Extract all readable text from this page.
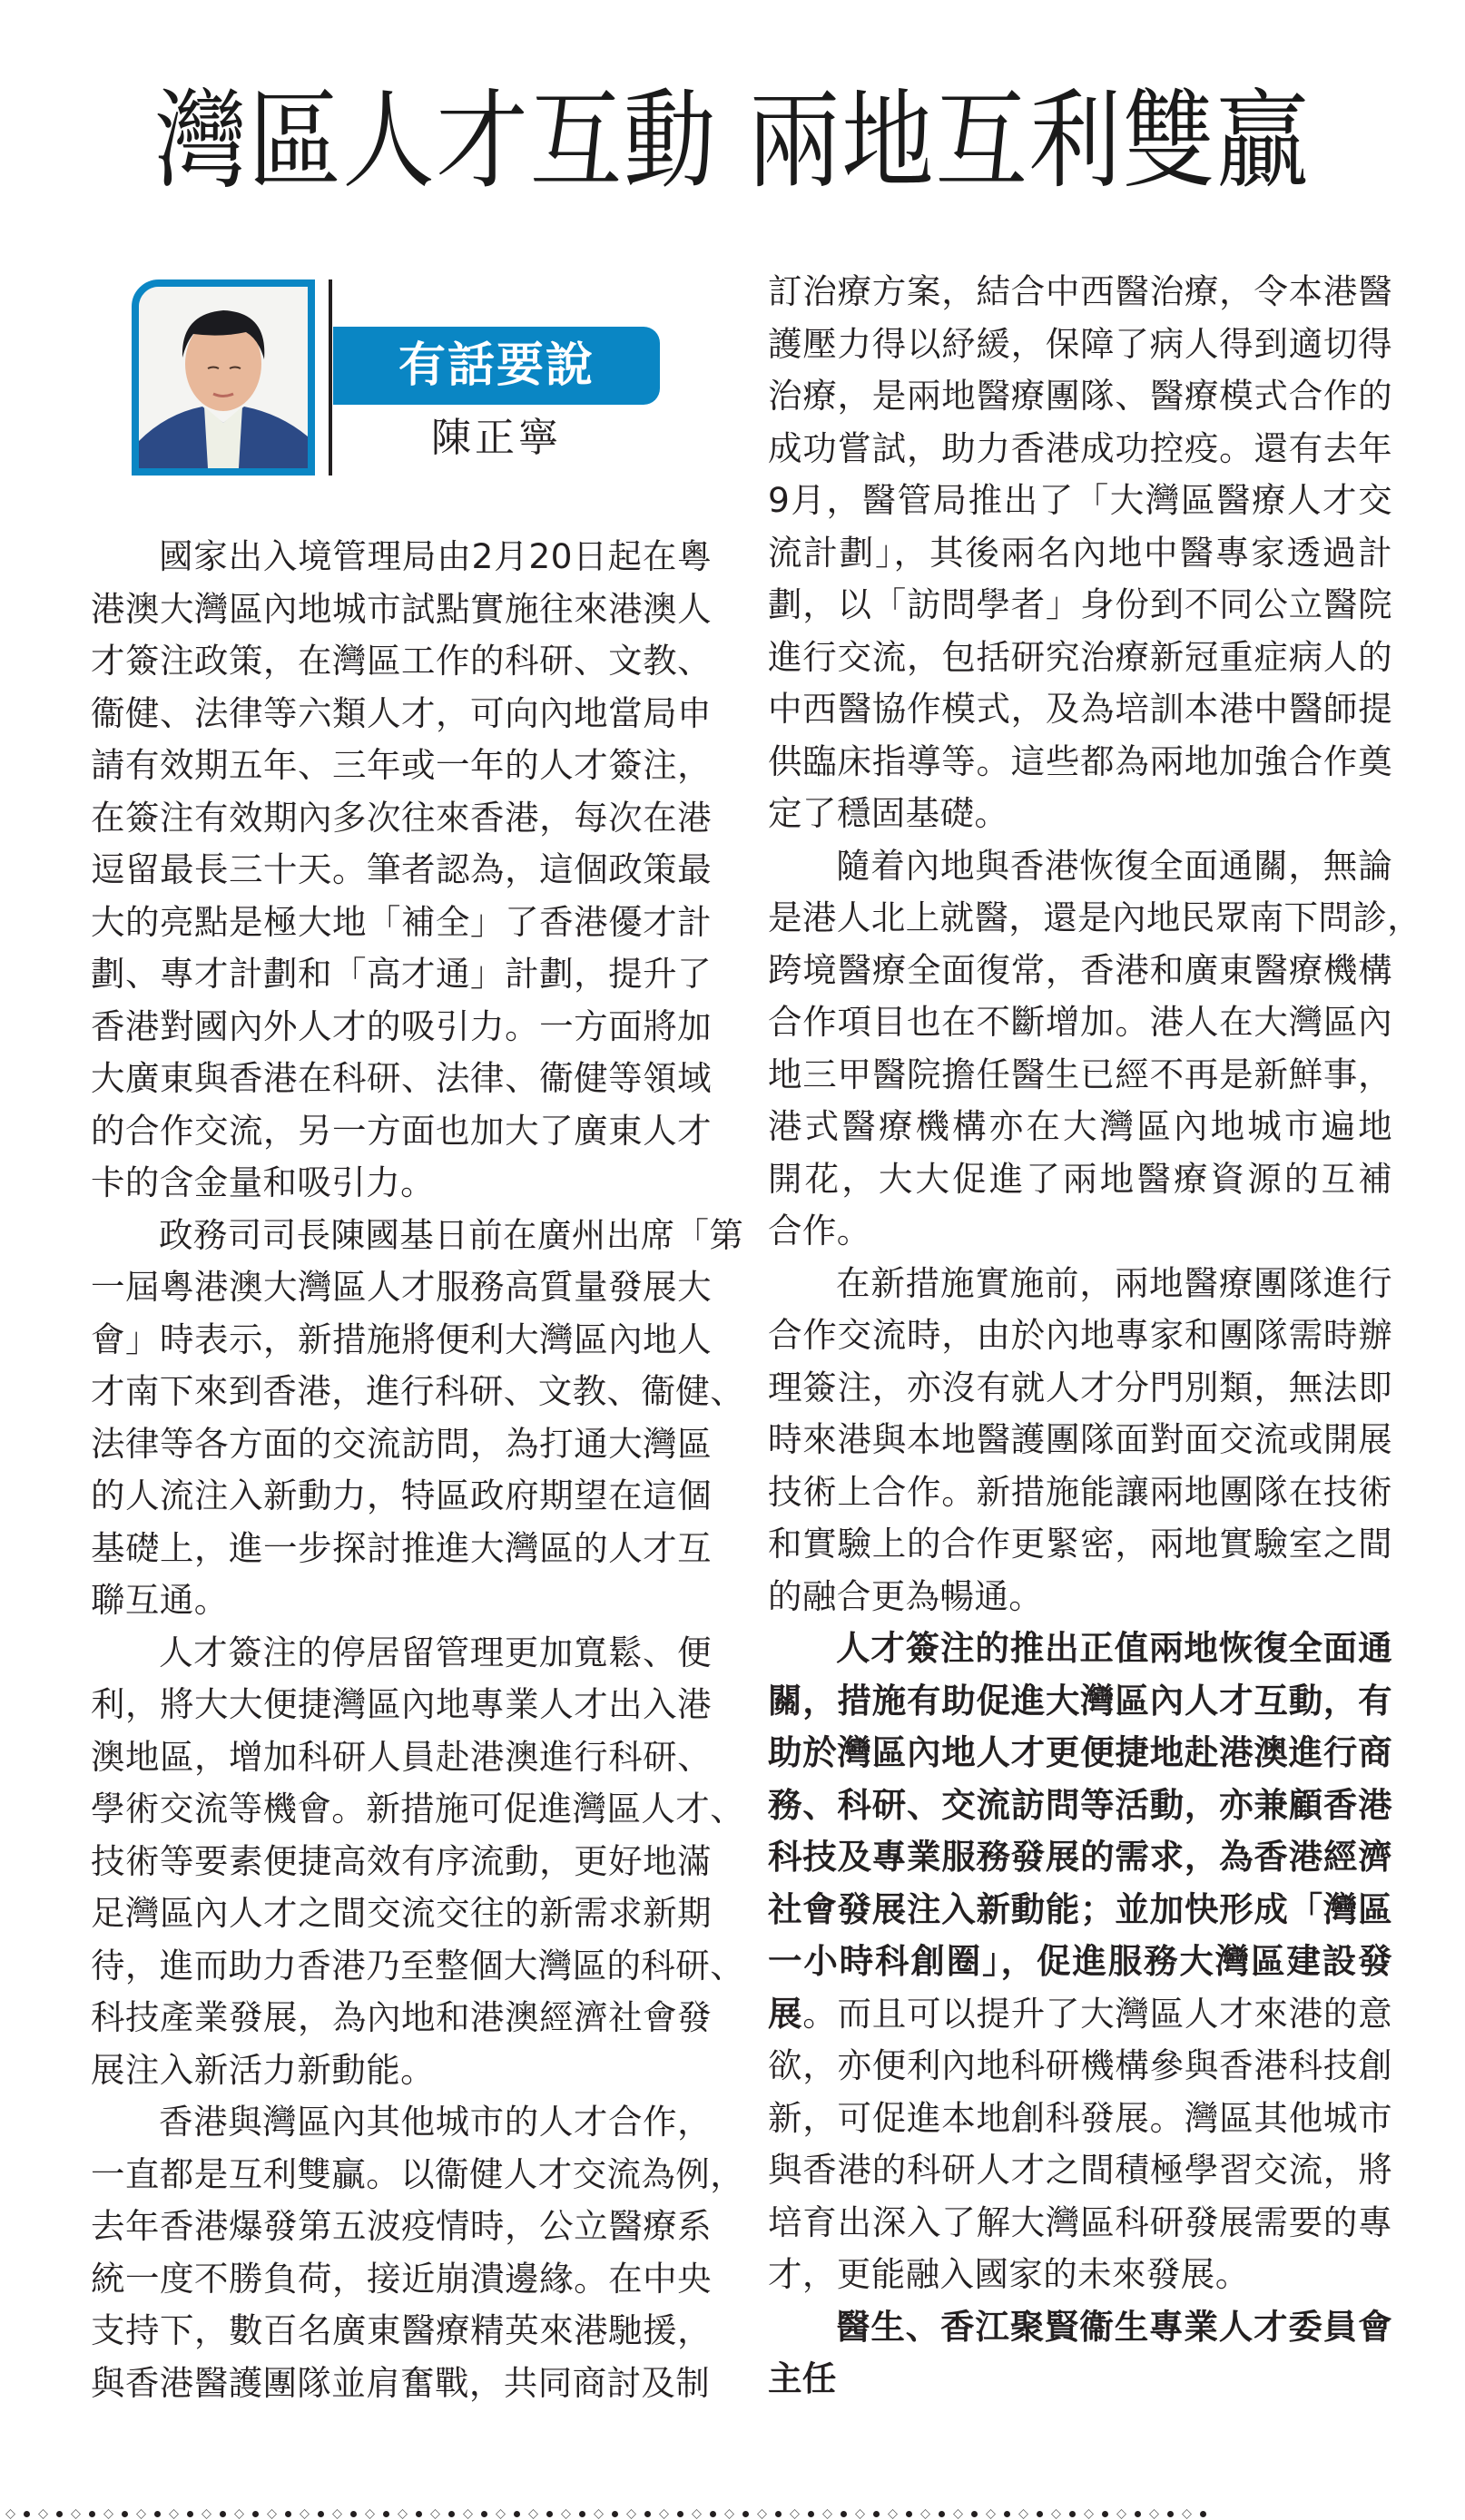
灣區人才互動 兩地互利雙贏
有話要說
陳正寧
國家出入境管理局由2月20日起在粵
港澳大灣區內地城市試點實施往來港澳人
才簽注政策，在灣區工作的科研、文教、
衞健、法律等六類人才，可向內地當局申
請有效期五年、三年或一年的人才簽注，
在簽注有效期內多次往來香港，每次在港
逗留最長三十天。筆者認為，這個政策最
大的亮點是極大地「補全」了香港優才計
劃、專才計劃和「高才通」計劃，提升了
香港對國內外人才的吸引力。一方面將加
大廣東與香港在科研、法律、衞健等領域
的合作交流，另一方面也加大了廣東人才
卡的含金量和吸引力。
政務司司長陳國基日前在廣州出席「第
一屆粵港澳大灣區人才服務高質量發展大
會」時表示，新措施將便利大灣區內地人
才南下來到香港，進行科研、文教、衞健、
法律等各方面的交流訪問，為打通大灣區
的人流注入新動力，特區政府期望在這個
基礎上，進一步探討推進大灣區的人才互
聯互通。
人才簽注的停居留管理更加寬鬆、便
利，將大大便捷灣區內地專業人才出入港
澳地區，增加科研人員赴港澳進行科研、
學術交流等機會。新措施可促進灣區人才、
技術等要素便捷高效有序流動，更好地滿
足灣區內人才之間交流交往的新需求新期
待，進而助力香港乃至整個大灣區的科研、
科技產業發展，為內地和港澳經濟社會發
展注入新活力新動能。
香港與灣區內其他城市的人才合作，
一直都是互利雙贏。以衞健人才交流為例，
去年香港爆發第五波疫情時，公立醫療系
統一度不勝負荷，接近崩潰邊緣。在中央
支持下，數百名廣東醫療精英來港馳援，
與香港醫護團隊並肩奮戰，共同商討及制
訂治療方案，結合中西醫治療，令本港醫
護壓力得以紓緩，保障了病人得到適切得
治療，是兩地醫療團隊、醫療模式合作的
成功嘗試，助力香港成功控疫。還有去年
9月，醫管局推出了「大灣區醫療人才交
流計劃」，其後兩名內地中醫專家透過計
劃，以「訪問學者」身份到不同公立醫院
進行交流，包括研究治療新冠重症病人的
中西醫協作模式，及為培訓本港中醫師提
供臨床指導等。這些都為兩地加強合作奠
定了穩固基礎。
隨着內地與香港恢復全面通關，無論
是港人北上就醫，還是內地民眾南下問診，
跨境醫療全面復常，香港和廣東醫療機構
合作項目也在不斷增加。港人在大灣區內
地三甲醫院擔任醫生已經不再是新鮮事，
港式醫療機構亦在大灣區內地城市遍地
開花，大大促進了兩地醫療資源的互補
合作。
在新措施實施前，兩地醫療團隊進行
合作交流時，由於內地專家和團隊需時辦
理簽注，亦沒有就人才分門別類，無法即
時來港與本地醫護團隊面對面交流或開展
技術上合作。新措施能讓兩地團隊在技術
和實驗上的合作更緊密，兩地實驗室之間
的融合更為暢通。
人才簽注的推出正值兩地恢復全面通
關，措施有助促進大灣區內人才互動，有
助於灣區內地人才更便捷地赴港澳進行商
務、科研、交流訪問等活動，亦兼顧香港
科技及專業服務發展的需求，為香港經濟
社會發展注入新動能；並加快形成「灣區
一小時科創圈」，促進服務大灣區建設發
展。而且可以提升了大灣區人才來港的意
欲，亦便利內地科研機構參與香港科技創
新，可促進本地創科發展。灣區其他城市
與香港的科研人才之間積極學習交流，將
培育出深入了解大灣區科研發展需要的專
才，更能融入國家的未來發展。
醫生、香江聚賢衞生專業人才委員會
主任
